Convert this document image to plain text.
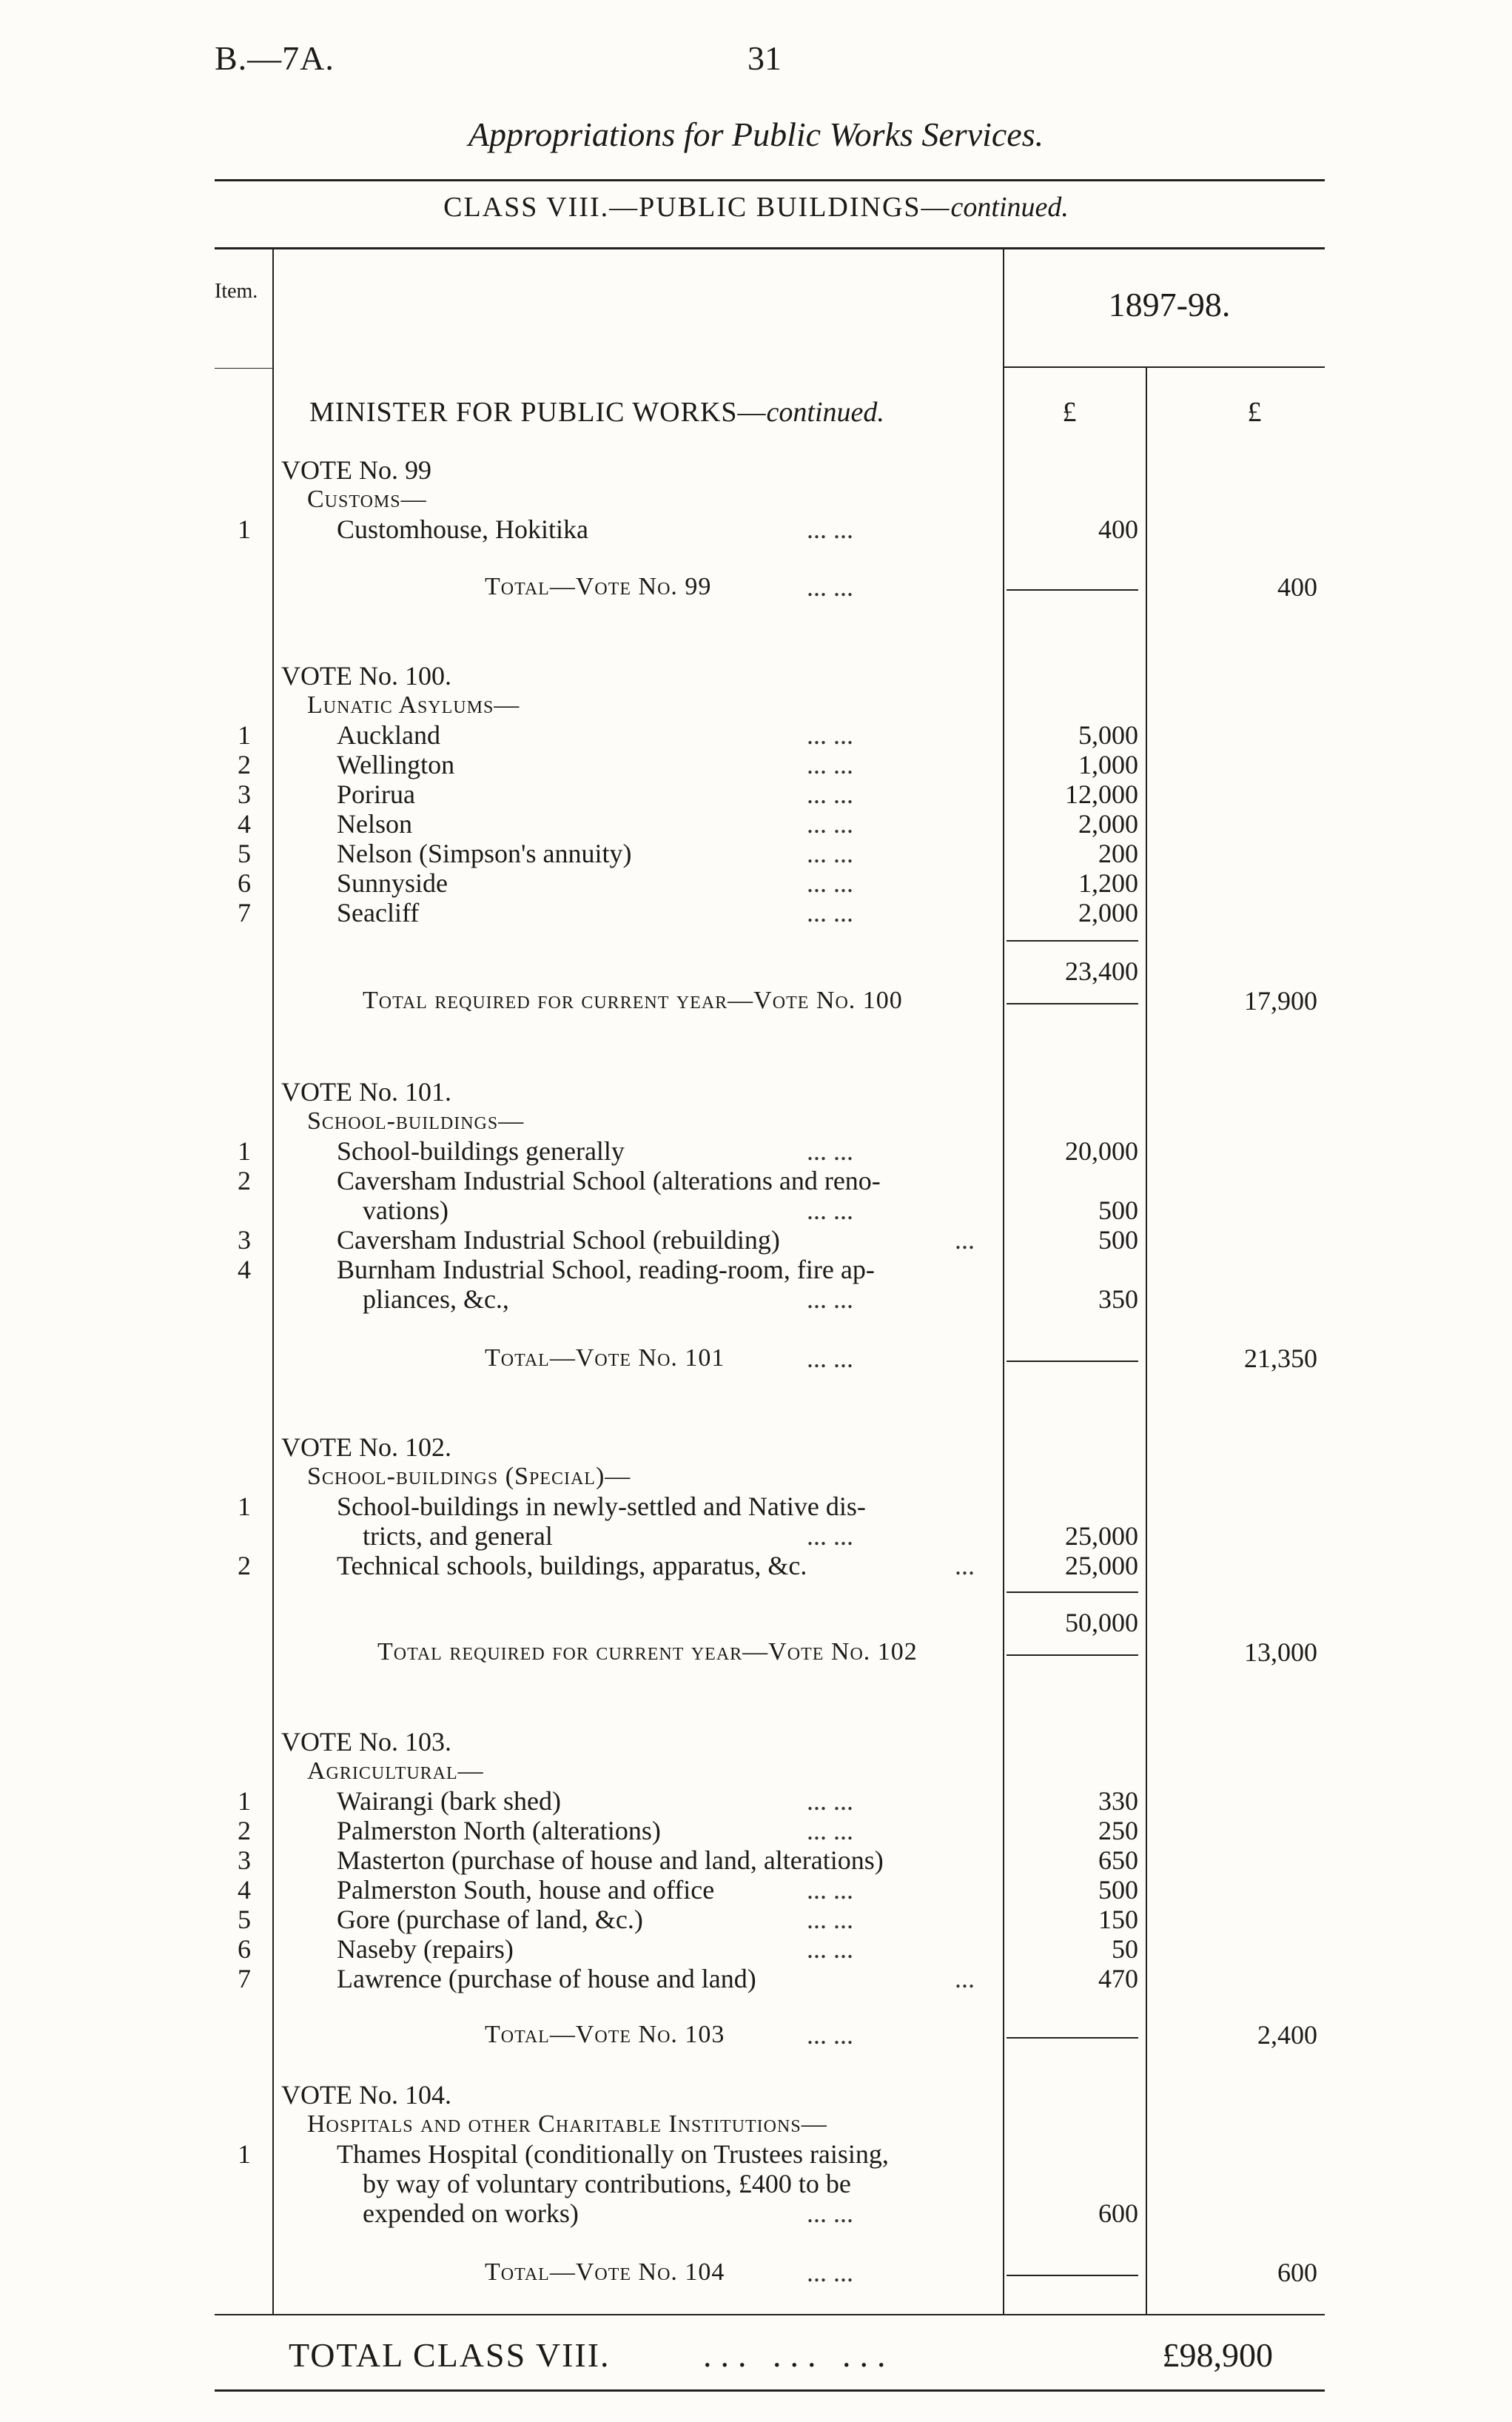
B.—7A.	31
Appropriations for Public Works Services.
CLASS VIII.—PUBLIC BUILDINGS—continued.
Item.	1897-98.
MINISTER FOR PUBLIC WORKS—continued.	£	£
VOTE No. 99
Customs—
1	Customhouse, Hokitika	... ...	400
Total—Vote No. 99	... ...	400
VOTE No. 100.
Lunatic Asylums—
1	Auckland	... ...	5,000
2	Wellington	... ...	1,000
3	Porirua	... ...	12,000
4	Nelson	... ...	2,000
5	Nelson (Simpson's annuity)	... ...	200
6	Sunnyside	... ...	1,200
7	Seacliff	... ...	2,000
23,400
Total required for current year—Vote No. 100	17,900
VOTE No. 101.
School-buildings—
1	School-buildings generally	... ...	20,000
2	Caversham Industrial School (alterations and reno-
vations)	... ...	500
3	Caversham Industrial School (rebuilding)	...	500
4	Burnham Industrial School, reading-room, fire ap-
pliances, &c.,	... ...	350
Total—Vote No. 101	... ...	21,350
VOTE No. 102.
School-buildings (Special)—
1	School-buildings in newly-settled and Native dis-
tricts, and general	... ...	25,000
2	Technical schools, buildings, apparatus, &c.	...	25,000
50,000
Total required for current year—Vote No. 102	13,000
VOTE No. 103.
Agricultural—
1	Wairangi (bark shed)	... ...	330
2	Palmerston North (alterations)	... ...	250
3	Masterton (purchase of house and land, alterations)	650
4	Palmerston South, house and office	... ...	500
5	Gore (purchase of land, &c.)	... ...	150
6	Naseby (repairs)	... ...	50
7	Lawrence (purchase of house and land)	...	470
Total—Vote No. 103	... ...	2,400
VOTE No. 104.
Hospitals and other Charitable Institutions—
1	Thames Hospital (conditionally on Trustees raising,
by way of voluntary contributions, £400 to be
expended on works)	... ...	600
Total—Vote No. 104	... ...	600
TOTAL CLASS VIII.	... ... ...	£98,900
